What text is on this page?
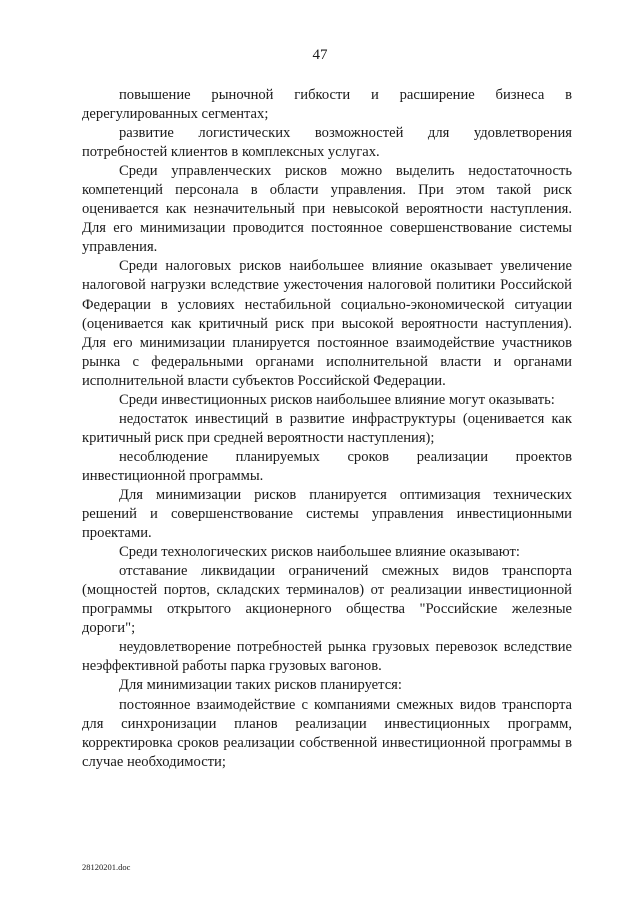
47

повышение рыночной гибкости и расширение бизнеса в дерегулированных сегментах;

развитие логистических возможностей для удовлетворения потребностей клиентов в комплексных услугах.

Среди управленческих рисков можно выделить недостаточность компетенций персонала в области управления. При этом такой риск оценивается как незначительный при невысокой вероятности наступления. Для его минимизации проводится постоянное совершенствование системы управления.

Среди налоговых рисков наибольшее влияние оказывает увеличение налоговой нагрузки вследствие ужесточения налоговой политики Российской Федерации в условиях нестабильной социально-экономической ситуации (оценивается как критичный риск при высокой вероятности наступления). Для его минимизации планируется постоянное взаимодействие участников рынка с федеральными органами исполнительной власти и органами исполнительной власти субъектов Российской Федерации.

Среди инвестиционных рисков наибольшее влияние могут оказывать:

недостаток инвестиций в развитие инфраструктуры (оценивается как критичный риск при средней вероятности наступления);

несоблюдение планируемых сроков реализации проектов инвестиционной программы.

Для минимизации рисков планируется оптимизация технических решений и совершенствование системы управления инвестиционными проектами.

Среди технологических рисков наибольшее влияние оказывают:

отставание ликвидации ограничений смежных видов транспорта (мощностей портов, складских терминалов) от реализации инвестиционной программы открытого акционерного общества "Российские железные дороги";

неудовлетворение потребностей рынка грузовых перевозок вследствие неэффективной работы парка грузовых вагонов.

Для минимизации таких рисков планируется:

постоянное взаимодействие с компаниями смежных видов транспорта для синхронизации планов реализации инвестиционных программ, корректировка сроков реализации собственной инвестиционной программы в случае необходимости;

28120201.doc
